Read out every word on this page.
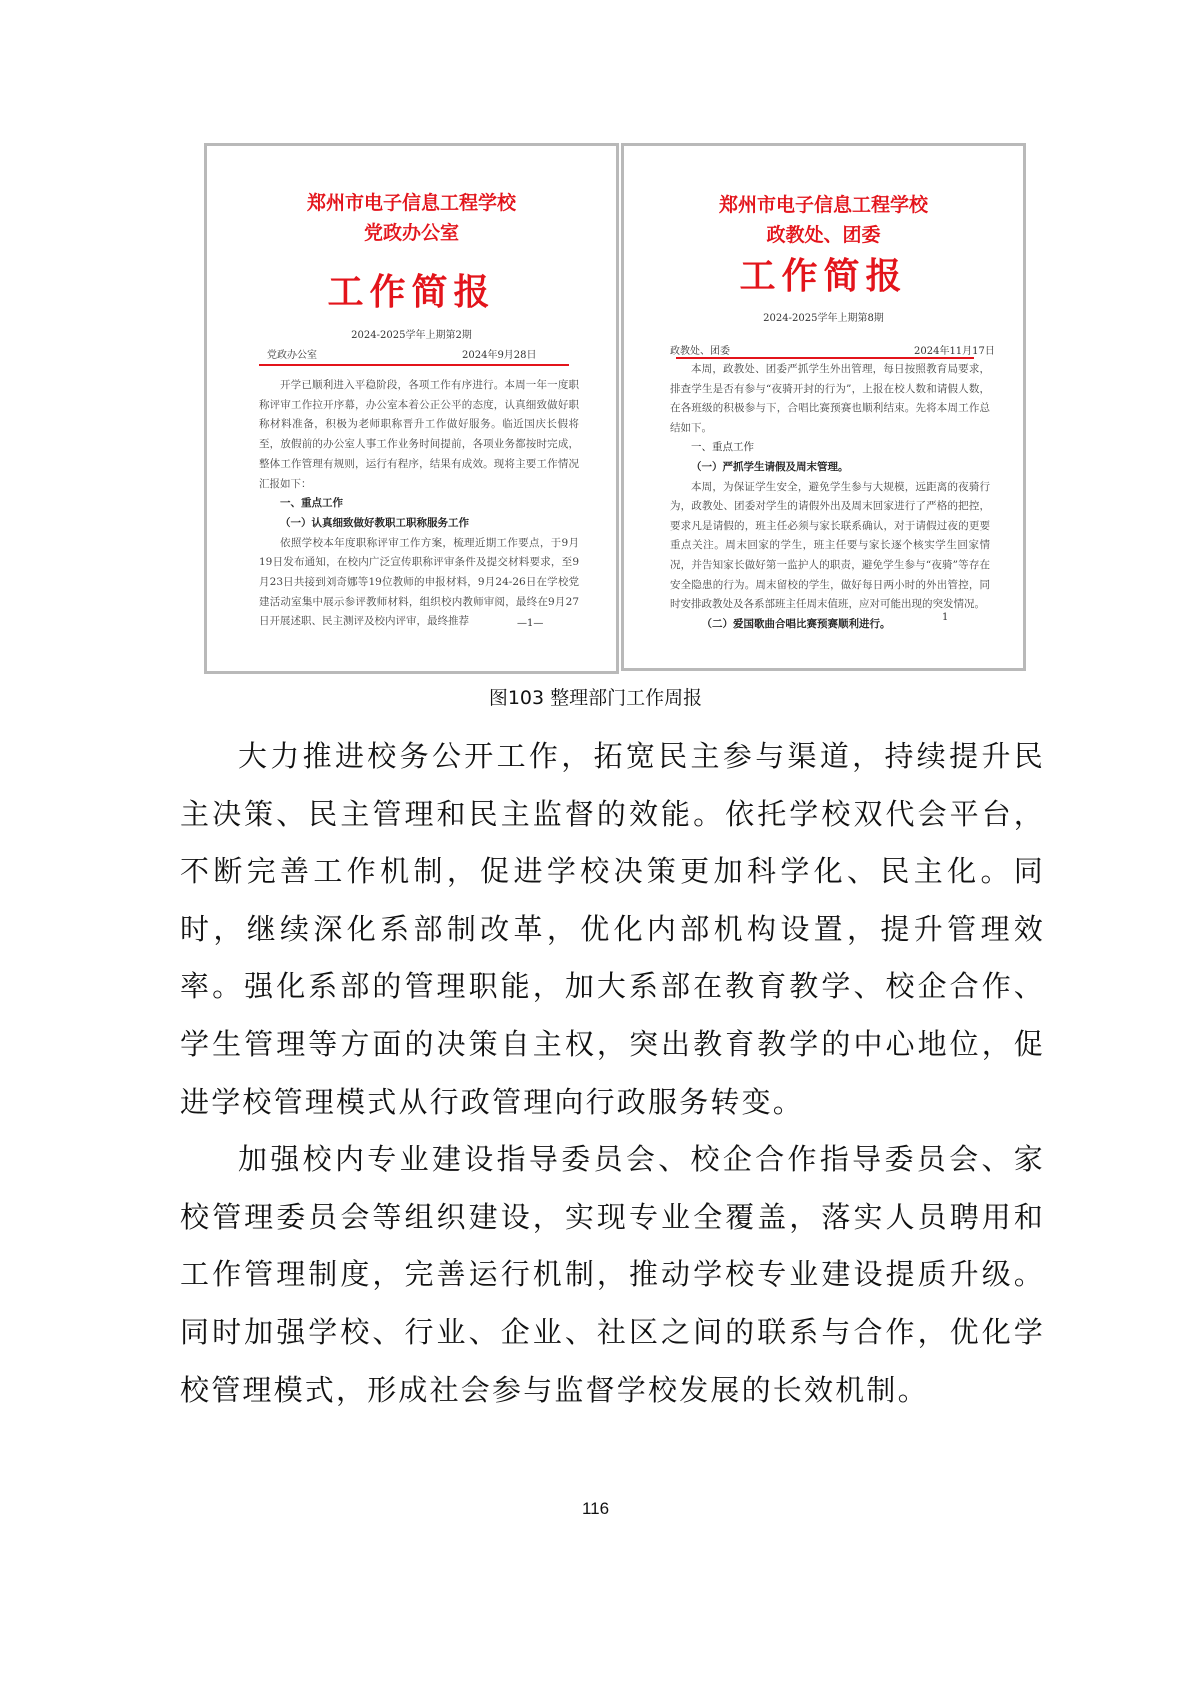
郑州市电子信息工程学校
党政办公室
工作简报
2024-2025学年上期第2期
党政办公室	2024年9月28日

开学已顺利进入平稳阶段，各项工作有序进行。本周一年一度职称评审工作拉开序幕，办公室本着公正公平的态度，认真细致做好职称材料准备，积极为老师职称晋升工作做好服务。临近国庆长假将至，放假前的办公室人事工作业务时间提前，各项业务都按时完成，整体工作管理有规则，运行有程序，结果有成效。现将主要工作情况汇报如下：

一、重点工作

（一）认真细致做好教职工职称服务工作

依照学校本年度职称评审工作方案，梳理近期工作要点，于9月19日发布通知，在校内广泛宣传职称评审条件及提交材料要求，至9月23日共接到刘奇娜等19位教师的申报材料，9月24-26日在学校党建活动室集中展示参评教师材料，组织校内教师审阅，最终在9月27日开展述职、民主测评及校内评审，最终推荐	—1—
郑州市电子信息工程学校
政教处、团委
工作简报
2024-2025学年上期第8期
政教处、团委	2024年11月17日

本周，政教处、团委严抓学生外出管理，每日按照教育局要求，排查学生是否有参与“夜骑开封的行为”，上报在校人数和请假人数，在各班级的积极参与下，合唱比赛预赛也顺利结束。先将本周工作总结如下。

一、重点工作

（一）严抓学生请假及周末管理。

本周，为保证学生安全，避免学生参与大规模，远距离的夜骑行为，政教处、团委对学生的请假外出及周末回家进行了严格的把控，要求凡是请假的，班主任必须与家长联系确认，对于请假过夜的更要重点关注。周末回家的学生，班主任要与家长逐个核实学生回家情况，并告知家长做好第一监护人的职责，避免学生参与“夜骑”等存在安全隐患的行为。周末留校的学生，做好每日两小时的外出管控，同时安排政教处及各系部班主任周末值班，应对可能出现的突发情况。

（二）爱国歌曲合唱比赛预赛顺利进行。

1
图103 整理部门工作周报

大力推进校务公开工作，拓宽民主参与渠道，持续提升民主决策、民主管理和民主监督的效能。依托学校双代会平台，不断完善工作机制，促进学校决策更加科学化、民主化。同时，继续深化系部制改革，优化内部机构设置，提升管理效率。强化系部的管理职能，加大系部在教育教学、校企合作、学生管理等方面的决策自主权，突出教育教学的中心地位，促进学校管理模式从行政管理向行政服务转变。

加强校内专业建设指导委员会、校企合作指导委员会、家校管理委员会等组织建设，实现专业全覆盖，落实人员聘用和工作管理制度，完善运行机制，推动学校专业建设提质升级。同时加强学校、行业、企业、社区之间的联系与合作，优化学校管理模式，形成社会参与监督学校发展的长效机制。

116
